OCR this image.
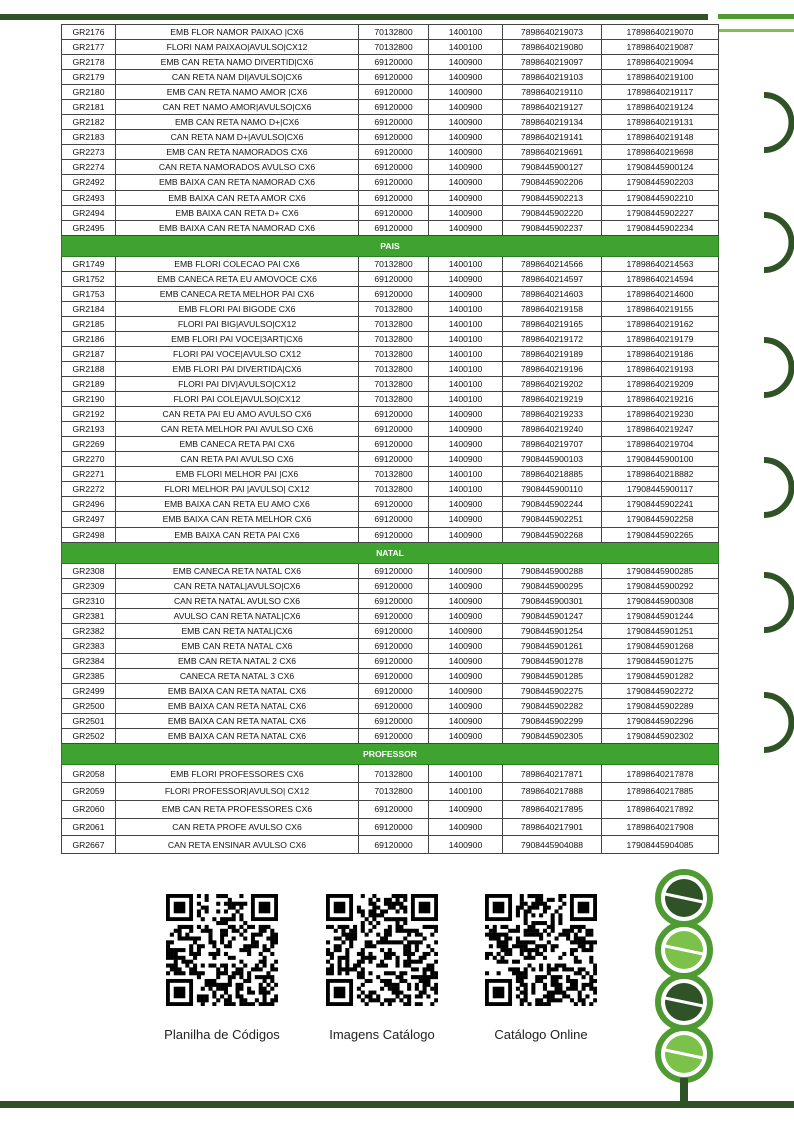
GR2176	EMB FLOR NAMOR PAIXAO |CX6	70132800	1400100	7898640219073	17898640219070
GR2177	FLORI NAM PAIXAO|AVULSO|CX12	70132800	1400100	7898640219080	17898640219087
GR2178	EMB CAN RETA NAMO DIVERTID|CX6	69120000	1400900	7898640219097	17898640219094
GR2179	CAN RETA NAM DI|AVULSO|CX6	69120000	1400900	7898640219103	17898640219100
GR2180	EMB CAN RETA NAMO AMOR |CX6	69120000	1400900	7898640219110	17898640219117
GR2181	CAN RET NAMO AMOR|AVULSO|CX6	69120000	1400900	7898640219127	17898640219124
GR2182	EMB CAN RETA NAMO D+|CX6	69120000	1400900	7898640219134	17898640219131
GR2183	CAN RETA NAM D+|AVULSO|CX6	69120000	1400900	7898640219141	17898640219148
GR2273	EMB CAN RETA NAMORADOS CX6	69120000	1400900	7898640219691	17898640219698
GR2274	CAN RETA NAMORADOS AVULSO CX6	69120000	1400900	7908445900127	17908445900124
GR2492	EMB BAIXA CAN RETA NAMORAD CX6	69120000	1400900	7908445902206	17908445902203
GR2493	EMB BAIXA CAN RETA AMOR CX6	69120000	1400900	7908445902213	17908445902210
GR2494	EMB BAIXA CAN RETA D+ CX6	69120000	1400900	7908445902220	17908445902227
GR2495	EMB BAIXA CAN RETA NAMORAD CX6	69120000	1400900	7908445902237	17908445902234
PAIS					
GR1749	EMB FLORI COLECAO PAI CX6	70132800	1400100	7898640214566	17898640214563
GR1752	EMB CANECA RETA EU AMOVOCE CX6	69120000	1400900	7898640214597	17898640214594
GR1753	EMB CANECA RETA MELHOR PAI CX6	69120000	1400900	7898640214603	17898640214600
GR2184	EMB FLORI PAI BIGODE CX6	70132800	1400100	7898640219158	17898640219155
GR2185	FLORI PAI BIG|AVULSO|CX12	70132800	1400100	7898640219165	17898640219162
GR2186	EMB FLORI PAI VOCE|3ART|CX6	70132800	1400100	7898640219172	17898640219179
GR2187	FLORI PAI VOCE|AVULSO CX12	70132800	1400100	7898640219189	17898640219186
GR2188	EMB FLORI PAI DIVERTIDA|CX6	70132800	1400100	7898640219196	17898640219193
GR2189	FLORI PAI DIV|AVULSO|CX12	70132800	1400100	7898640219202	17898640219209
GR2190	FLORI PAI COLE|AVULSO|CX12	70132800	1400100	7898640219219	17898640219216
GR2192	CAN RETA PAI EU AMO AVULSO CX6	69120000	1400900	7898640219233	17898640219230
GR2193	CAN RETA MELHOR PAI AVULSO CX6	69120000	1400900	7898640219240	17898640219247
GR2269	EMB CANECA RETA PAI CX6	69120000	1400900	7898640219707	17898640219704
GR2270	CAN RETA PAI AVULSO CX6	69120000	1400900	7908445900103	17908445900100
GR2271	EMB FLORI MELHOR PAI |CX6	70132800	1400100	7898640218885	17898640218882
GR2272	FLORI MELHOR PAI |AVULSO| CX12	70132800	1400100	7908445900110	17908445900117
GR2496	EMB BAIXA CAN RETA EU AMO CX6	69120000	1400900	7908445902244	17908445902241
GR2497	EMB BAIXA CAN RETA MELHOR CX6	69120000	1400900	7908445902251	17908445902258
GR2498	EMB BAIXA CAN RETA PAI CX6	69120000	1400900	7908445902268	17908445902265
NATAL					
GR2308	EMB CANECA RETA NATAL CX6	69120000	1400900	7908445900288	17908445900285
GR2309	CAN RETA NATAL|AVULSO|CX6	69120000	1400900	7908445900295	17908445900292
GR2310	CAN RETA NATAL AVULSO CX6	69120000	1400900	7908445900301	17908445900308
GR2381	AVULSO CAN RETA NATAL|CX6	69120000	1400900	7908445901247	17908445901244
GR2382	EMB CAN RETA NATAL|CX6	69120000	1400900	7908445901254	17908445901251
GR2383	EMB CAN RETA NATAL CX6	69120000	1400900	7908445901261	17908445901268
GR2384	EMB CAN RETA NATAL 2 CX6	69120000	1400900	7908445901278	17908445901275
GR2385	CANECA RETA NATAL 3 CX6	69120000	1400900	7908445901285	17908445901282
GR2499	EMB BAIXA CAN RETA NATAL CX6	69120000	1400900	7908445902275	17908445902272
GR2500	EMB BAIXA CAN RETA NATAL CX6	69120000	1400900	7908445902282	17908445902289
GR2501	EMB BAIXA CAN RETA NATAL CX6	69120000	1400900	7908445902299	17908445902296
GR2502	EMB BAIXA CAN RETA NATAL CX6	69120000	1400900	7908445902305	17908445902302
PROFESSOR					
GR2058	EMB FLORI PROFESSORES CX6	70132800	1400100	7898640217871	17898640217878
GR2059	FLORI PROFESSOR|AVULSO| CX12	70132800	1400100	7898640217888	17898640217885
GR2060	EMB CAN RETA PROFESSORES CX6	69120000	1400900	7898640217895	17898640217892
GR2061	CAN RETA PROFE AVULSO CX6	69120000	1400900	7898640217901	17898640217908
GR2667	CAN RETA ENSINAR AVULSO CX6	69120000	1400900	7908445904088	17908445904085
Planilha de Códigos	Imagens Catálogo	Catálogo Online
